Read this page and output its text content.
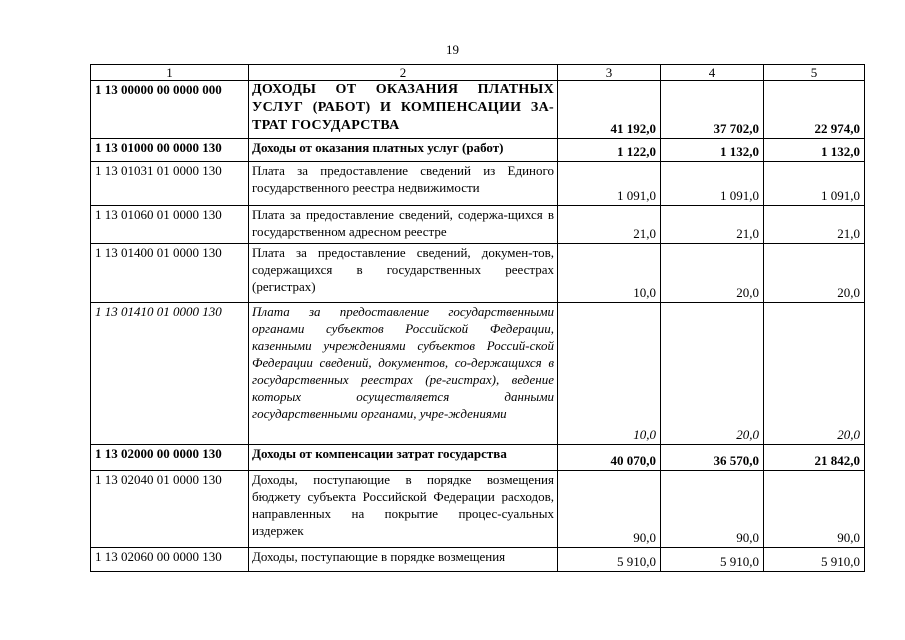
19
1	2	3	4	5
1 13 00000 00 0000 000	ДОХОДЫ ОТ ОКАЗАНИЯ ПЛАТНЫХ УСЛУГ (РАБОТ) И КОМПЕНСАЦИИ ЗА-ТРАТ ГОСУДАРСТВА	41 192,0	37 702,0	22 974,0
1 13 01000 00 0000 130	Доходы от оказания платных услуг (работ)	1 122,0	1 132,0	1 132,0
1 13 01031 01 0000 130	Плата за предоставление сведений из Единого государственного реестра недвижимости	1 091,0	1 091,0	1 091,0
1 13 01060 01 0000 130	Плата за предоставление сведений, содержа-щихся в государственном адресном реестре	21,0	21,0	21,0
1 13 01400 01 0000 130	Плата за предоставление сведений, докумен-тов, содержащихся в государственных реестрах (регистрах)	10,0	20,0	20,0
1 13 01410 01 0000 130	Плата за предоставление государственными органами субъектов Российской Федерации, казенными учреждениями субъектов Россий-ской Федерации сведений, документов, со-держащихся в государственных реестрах (ре-гистрах), ведение которых осуществляется данными государственными органами, учре-ждениями	10,0	20,0	20,0
1 13 02000 00 0000 130	Доходы от компенсации затрат государства	40 070,0	36 570,0	21 842,0
1 13 02040 01 0000 130	Доходы, поступающие в порядке возмещения бюджету субъекта Российской Федерации расходов, направленных на покрытие процес-суальных издержек	90,0	90,0	90,0
1 13 02060 00 0000 130	Доходы, поступающие в порядке возмещения	5 910,0	5 910,0	5 910,0
